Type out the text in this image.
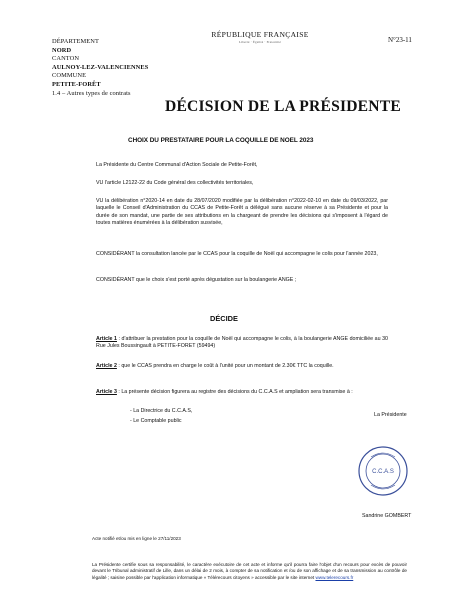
DÉPARTEMENT
NORD
CANTON
AULNOY-LEZ-VALENCIENNES
COMMUNE
PETITE-FORÊT
1.4 – Autres types de contrats
RÉPUBLIQUE FRANÇAISE
Liberté · Égalité · Fraternité	N°23-11
DÉCISION DE LA PRÉSIDENTE
CHOIX DU PRESTATAIRE POUR LA COQUILLE DE NOEL 2023
La Présidente du Centre Communal d'Action Sociale de Petite-Forêt,
VU l'article L2122-22 du Code général des collectivités territoriales,
VU la délibération n°2020-14 en date du 28/07/2020 modifiée par la délibération n°2022-02-10 en date du 09/03/2022, par laquelle le Conseil d'Administration du CCAS de Petite-Forêt a délégué sans aucune réserve à sa Présidente et pour la durée de son mandat, une partie de ses attributions en la chargeant de prendre les décisions qui s'imposent à l'égard de toutes matières énumérées à la délibération susvisée,
CONSIDÉRANT la consultation lancée par le CCAS pour la coquille de Noël qui accompagne le colis pour l'année 2023,
CONSIDÉRANT que le choix s'est porté après dégustation sur la boulangerie ANGE ;
DÉCIDE
Article 1 : d'attribuer la prestation pour la coquille de Noël qui accompagne le colis, à la boulangerie ANGE domiciliée au 30 Rue Jules Boussingault à PETITE-FORET (59494)
Article 2 : que le CCAS prendra en charge le coût à l'unité pour un montant de 2.30€ TTC la coquille.
Article 3 : La présente décision figurera au registre des décisions du C.C.A.S et ampliation sera transmise à :
- La Directrice du C.C.A.S,
- Le Comptable public
La Présidente
C.C.A.S
Sandrine GOMBERT
Acte notifié et/ou mis en ligne le 27/11/2023
La Présidente certifie sous sa responsabilité, le caractère exécutoire de cet acte et informe qu'il pourra faire l'objet d'un recours pour excès de pouvoir devant le Tribunal administratif de Lille, dans un délai de 2 mois, à compter de sa notification et /ou de son affichage et de sa transmission au contrôle de légalité ; saisine possible par l'application informatique « Télérecours citoyens » accessible par le site internet www.telerecours.fr
